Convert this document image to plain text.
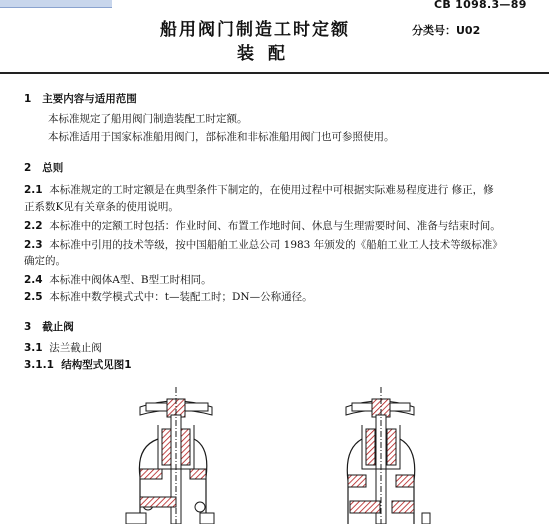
CB 1098.3—89
船用阀门制造工时定额
装配
分类号：U02
1 主要内容与适用范围
本标准规定了船用阀门制造装配工时定额。
本标准适用于国家标准船用阀门，部标准和非标准船用阀门也可参照使用。
2 总则
2.1 本标准规定的工时定额是在典型条件下制定的，在使用过程中可根据实际难易程度进行 修正，修
正系数K见有关章条的使用说明。
2.2 本标准中的定额工时包括：作业时间、布置工作地时间、休息与生理需要时间、准备与结束时间。
2.3 本标准中引用的技术等级，按中国船舶工业总公司 1983 年颁发的《船舶工业工人技术等级标准》
确定的。
2.4 本标准中阀体A型、B型工时相同。
2.5 本标准中数学模式式中：t—装配工时；DN—公称通径。
3 截止阀
3.1 法兰截止阀
3.1.1 结构型式见图1
